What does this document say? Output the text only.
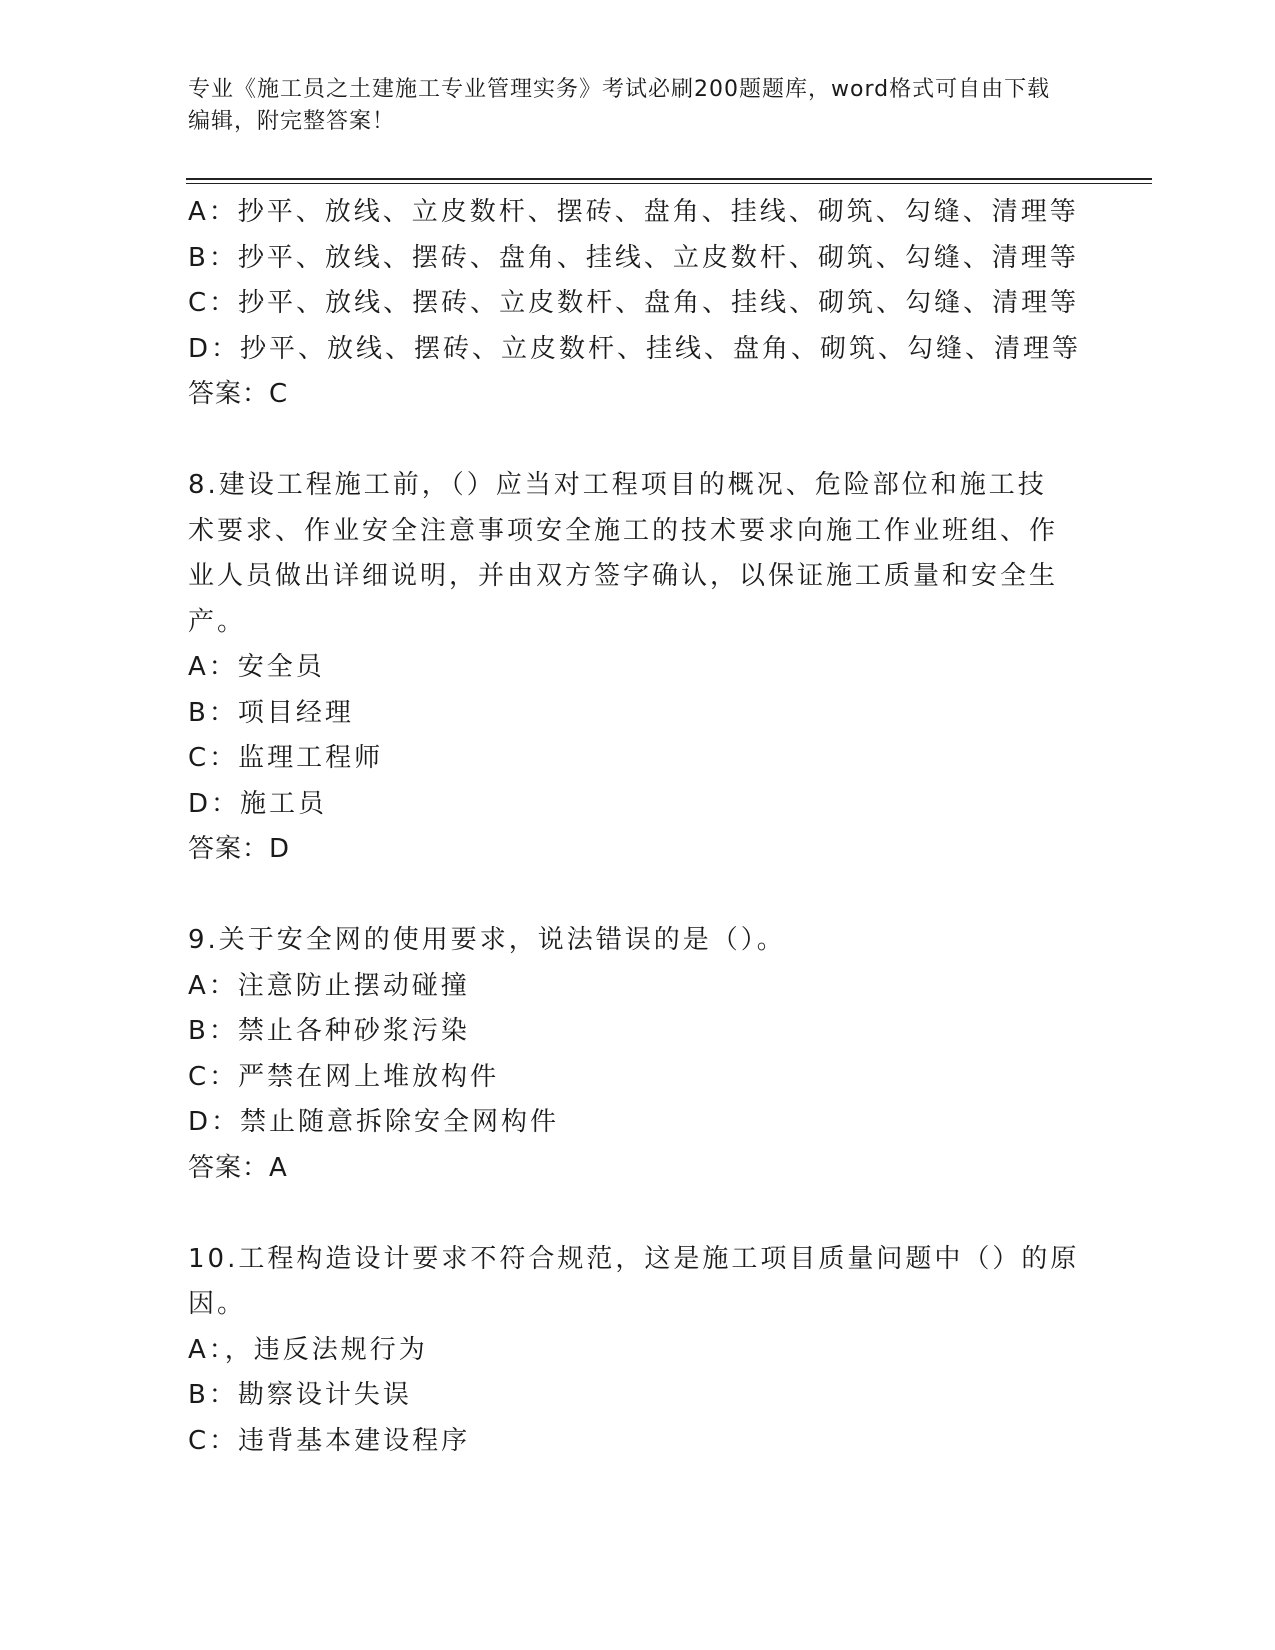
专业《施工员之土建施工专业管理实务》考试必刷200题题库，word格式可自由下载编辑，附完整答案！
A：抄平、放线、立皮数杆、摆砖、盘角、挂线、砌筑、勾缝、清理等
B：抄平、放线、摆砖、盘角、挂线、立皮数杆、砌筑、勾缝、清理等
C：抄平、放线、摆砖、立皮数杆、盘角、挂线、砌筑、勾缝、清理等
D：抄平、放线、摆砖、立皮数杆、挂线、盘角、砌筑、勾缝、清理等
答案：C
8.建设工程施工前，（）应当对工程项目的概况、危险部位和施工技
术要求、作业安全注意事项安全施工的技术要求向施工作业班组、作
业人员做出详细说明，并由双方签字确认，以保证施工质量和安全生
产。
A：安全员
B：项目经理
C：监理工程师
D：施工员
答案：D
9.关于安全网的使用要求，说法错误的是（）。
A：注意防止摆动碰撞
B：禁止各种砂浆污染
C：严禁在网上堆放构件
D：禁止随意拆除安全网构件
答案：A
10.工程构造设计要求不符合规范，这是施工项目质量问题中（）的原
因。
A：，违反法规行为
B：勘察设计失误
C：违背基本建设程序
